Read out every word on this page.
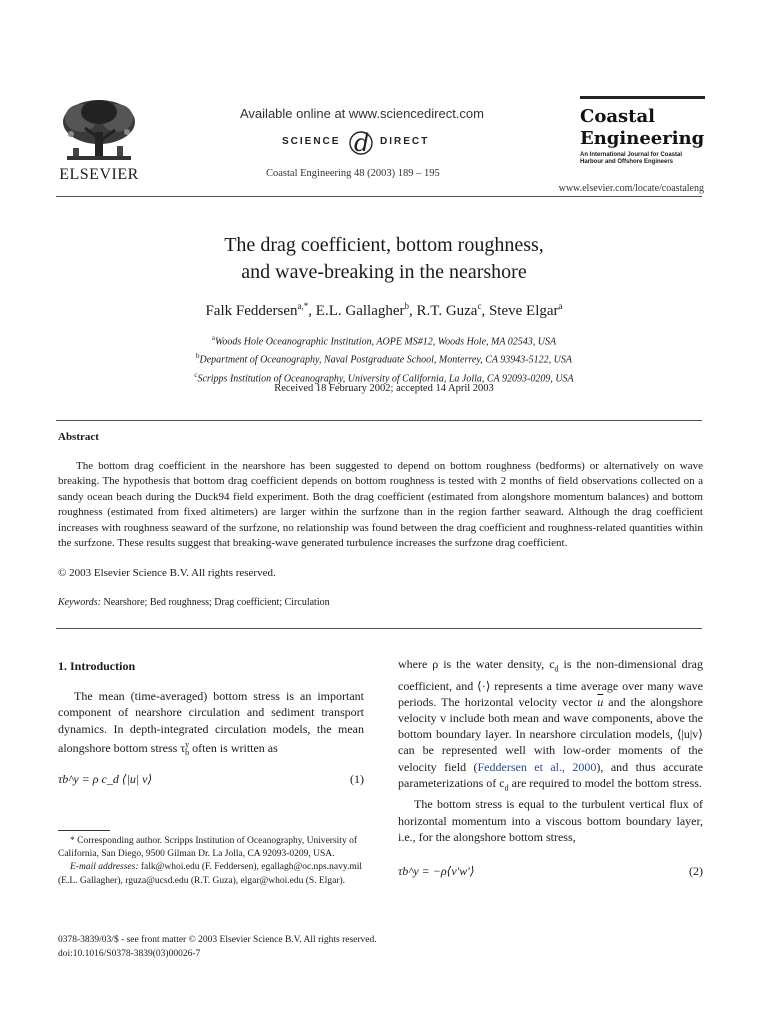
ELSEVIER
Available online at www.sciencedirect.com
SCIENCE d DIRECT
Coastal Engineering 48 (2003) 189 – 195
Coastal
Engineering
An International Journal for Coastal
Harbour and Offshore Engineers
www.elsevier.com/locate/coastaleng
The drag coefficient, bottom roughness,
and wave-breaking in the nearshore
Falk Feddersen$^{a,*}$, E.L. Gallagher$^b$, R.T. Guza$^c$, Steve Elgar$^a$
$^a$Woods Hole Oceanographic Institution, AOPE MS#12, Woods Hole, MA 02543, USA
$^b$Department of Oceanography, Naval Postgraduate School, Monterrey, CA 93943-5122, USA
$^c$Scripps Institution of Oceanography, University of California, La Jolla, CA 92093-0209, USA
Received 18 February 2002; accepted 14 April 2003
Abstract
The bottom drag coefficient in the nearshore has been suggested to depend on bottom roughness (bedforms) or alternatively on wave breaking. The hypothesis that bottom drag coefficient depends on bottom roughness is tested with 2 months of field observations collected on a sandy ocean beach during the Duck94 field experiment. Both the drag coefficient (estimated from alongshore momentum balances) and bottom roughness (estimated from fixed altimeters) are larger within the surfzone than in the region farther seaward. Although the drag coefficient increases with roughness seaward of the surfzone, no relationship was found between the drag coefficient and roughness-related quantities within the surfzone. These results suggest that breaking-wave generated turbulence increases the surfzone drag coefficient.
© 2003 Elsevier Science B.V. All rights reserved.
Keywords: Nearshore; Bed roughness; Drag coefficient; Circulation
1. Introduction

The mean (time-averaged) bottom stress is an important component of nearshore circulation and sediment transport dynamics. In depth-integrated circulation models, the mean alongshore bottom stress $\tau^y_b$ often is written as

τb^y = ρ c_d ⟨|u| v⟩	(1)

* Corresponding author. Scripps Institution of Oceanography, University of California, San Diego, 9500 Gilman Dr. La Jolla, CA 92093-0209, USA.

E-mail addresses: falk@whoi.edu (F. Feddersen), egallagh@oc.nps.navy.mil (E.L. Gallagher), rguza@ucsd.edu (R.T. Guza), elgar@whoi.edu (S. Elgar).

0378-3839/03/$ - see front matter © 2003 Elsevier Science B.V. All rights reserved.
doi:10.1016/S0378-3839(03)00026-7

where ρ is the water density, $c_d$ is the non-dimensional drag coefficient, and ⟨·⟩ represents a time average over many wave periods. The horizontal velocity vector $\overline{u}$ and the alongshore velocity v include both mean and wave components, above the bottom boundary layer. In nearshore circulation models, ⟨|u|v⟩ can be represented well with low-order moments of the velocity field (Feddersen et al., 2000), and thus accurate parameterizations of $c_d$ are required to model the bottom stress.

The bottom stress is equal to the turbulent vertical flux of horizontal momentum into a viscous bottom boundary layer, i.e., for the alongshore bottom stress,

τb^y = −ρ⟨v′w′⟩	(2)
